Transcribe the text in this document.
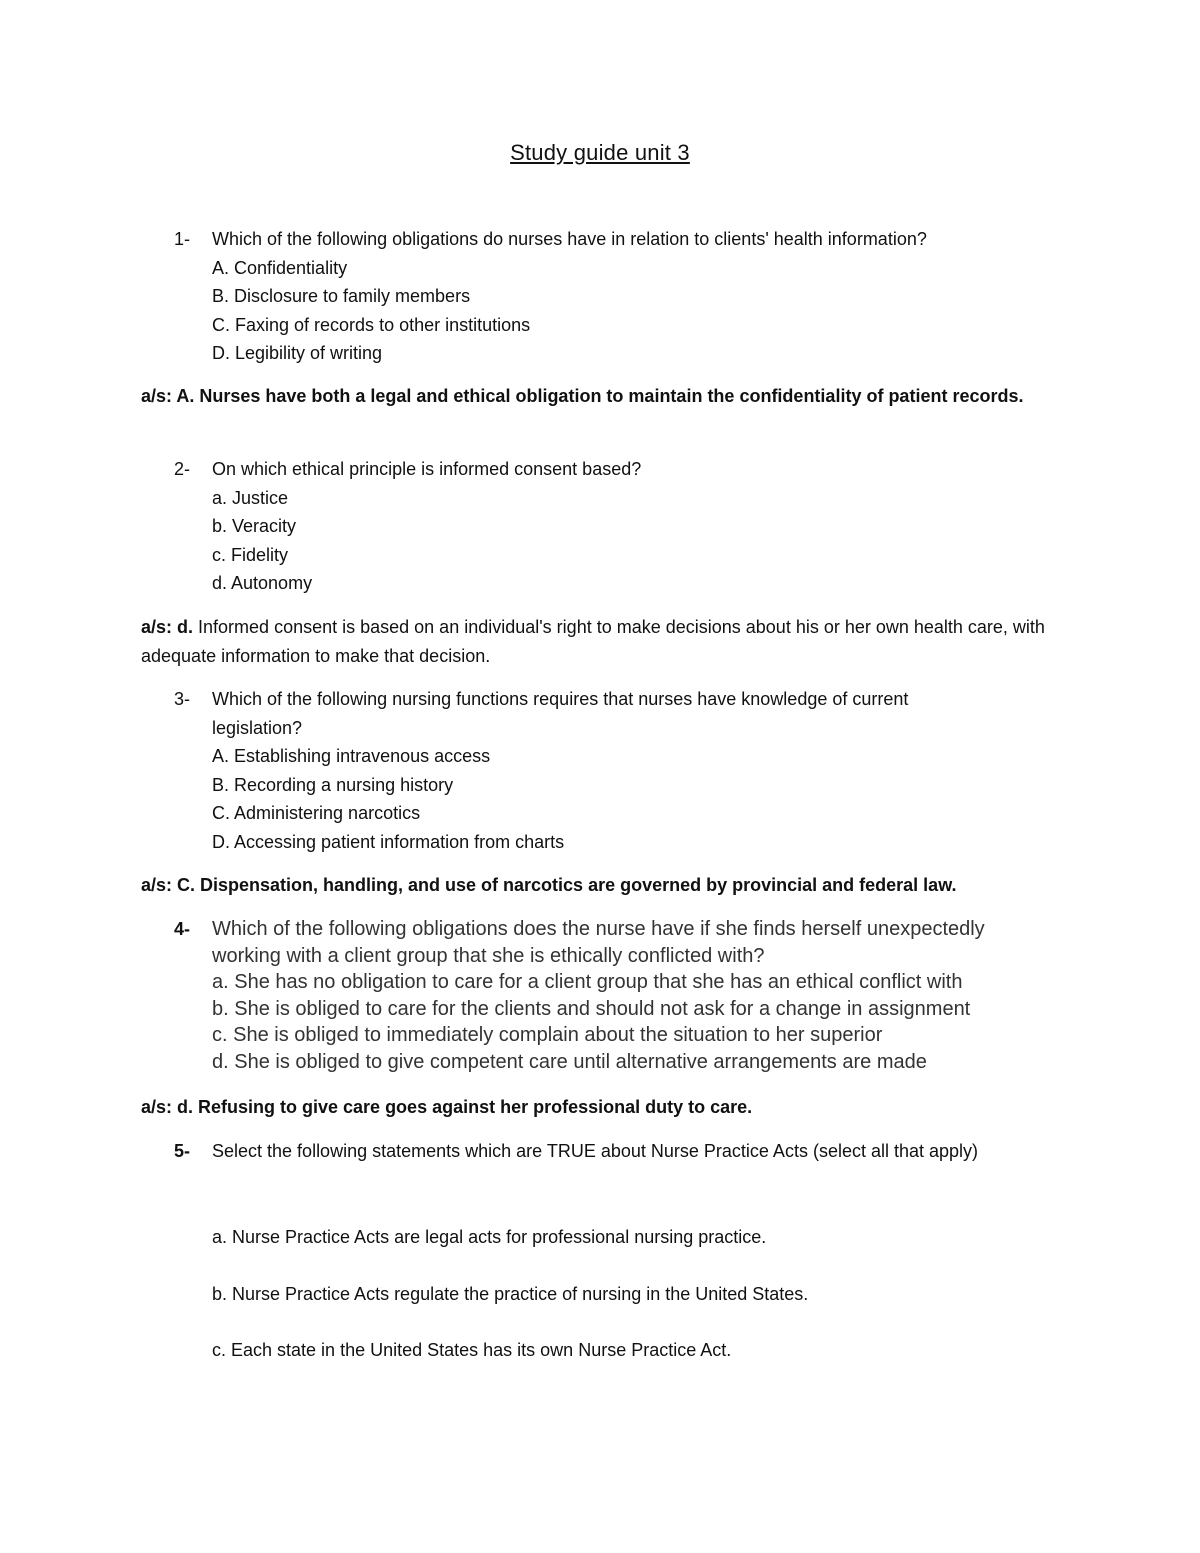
Study guide unit 3
1- Which of the following obligations do nurses have in relation to clients' health information?
A. Confidentiality
B. Disclosure to family members
C. Faxing of records to other institutions
D. Legibility of writing
a/s: A. Nurses have both a legal and ethical obligation to maintain the confidentiality of patient records.
2- On which ethical principle is informed consent based?
a. Justice
b. Veracity
c. Fidelity
d. Autonomy
a/s: d. Informed consent is based on an individual's right to make decisions about his or her own health care, with adequate information to make that decision.
3- Which of the following nursing functions requires that nurses have knowledge of current
legislation?
A. Establishing intravenous access
B. Recording a nursing history
C. Administering narcotics
D. Accessing patient information from charts
a/s: C. Dispensation, handling, and use of narcotics are governed by provincial and federal law.
4- Which of the following obligations does the nurse have if she finds herself unexpectedly
working with a client group that she is ethically conflicted with?
a. She has no obligation to care for a client group that she has an ethical conflict with
b. She is obliged to care for the clients and should not ask for a change in assignment
c. She is obliged to immediately complain about the situation to her superior
d. She is obliged to give competent care until alternative arrangements are made
a/s: d. Refusing to give care goes against her professional duty to care.
5- Select the following statements which are TRUE about Nurse Practice Acts (select all that apply)
a. Nurse Practice Acts are legal acts for professional nursing practice.
b. Nurse Practice Acts regulate the practice of nursing in the United States.
c. Each state in the United States has its own Nurse Practice Act.
